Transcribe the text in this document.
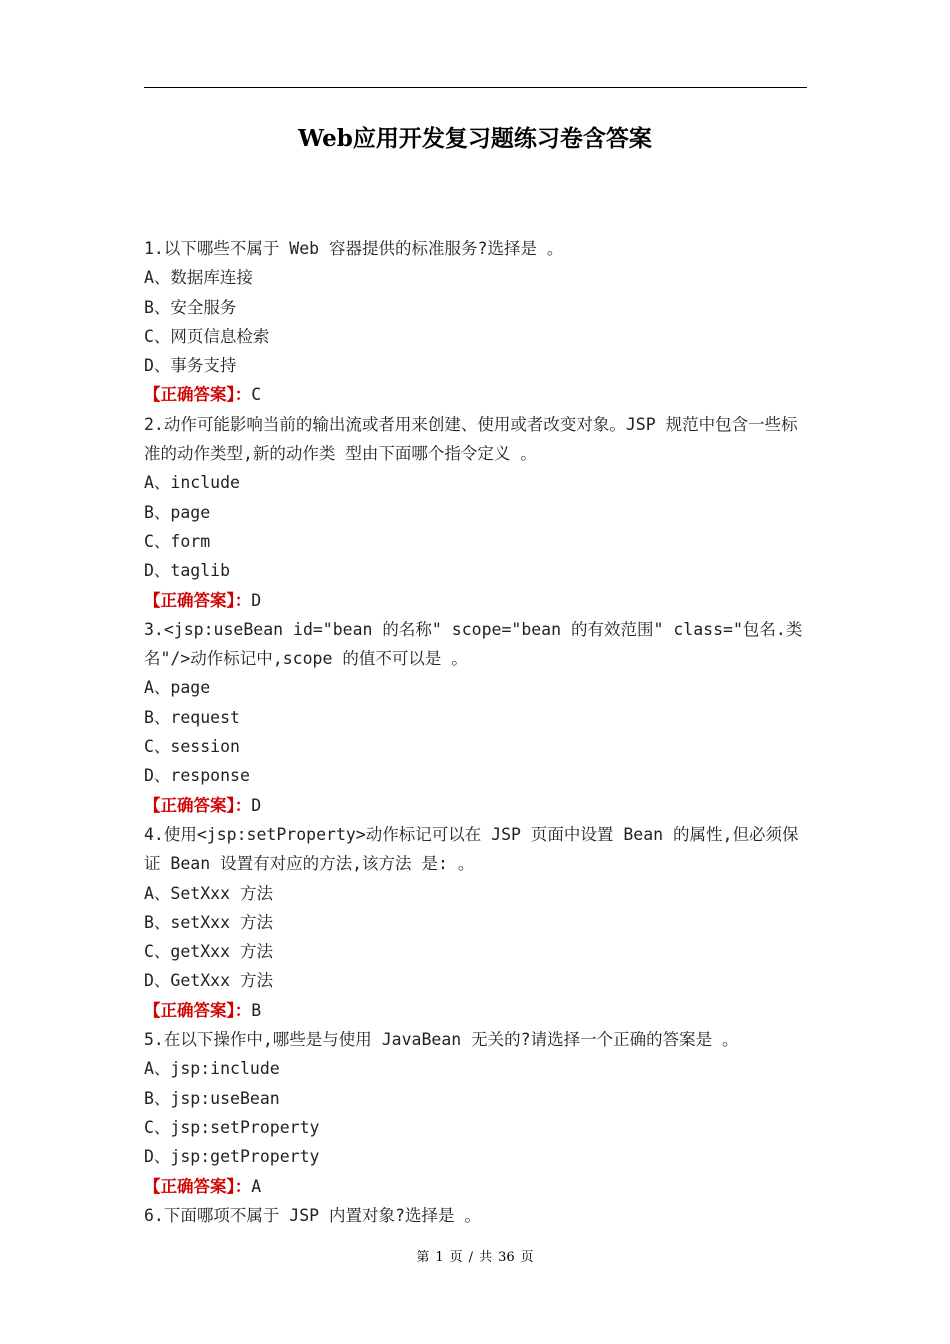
Web应用开发复习题练习卷含答案
1.以下哪些不属于 Web 容器提供的标准服务?选择是 。
A、数据库连接
B、安全服务
C、网页信息检索
D、事务支持
【正确答案】：C
2.动作可能影响当前的输出流或者用来创建、使用或者改变对象。JSP 规范中包含一些标准的动作类型,新的动作类 型由下面哪个指令定义 。
A、include
B、page
C、form
D、taglib
【正确答案】：D
3.<jsp:useBean id="bean 的名称" scope="bean 的有效范围" class="包名.类名"/>动作标记中,scope 的值不可以是 。
A、page
B、request
C、session
D、response
【正确答案】：D
4.使用<jsp:setProperty>动作标记可以在 JSP 页面中设置 Bean 的属性,但必须保证 Bean 设置有对应的方法,该方法 是: 。
A、SetXxx 方法
B、setXxx 方法
C、getXxx 方法
D、GetXxx 方法
【正确答案】：B
5.在以下操作中,哪些是与使用 JavaBean 无关的?请选择一个正确的答案是 。
A、jsp:include
B、jsp:useBean
C、jsp:setProperty
D、jsp:getProperty
【正确答案】：A
6.下面哪项不属于 JSP 内置对象?选择是 。
第 1 页 / 共 36 页
